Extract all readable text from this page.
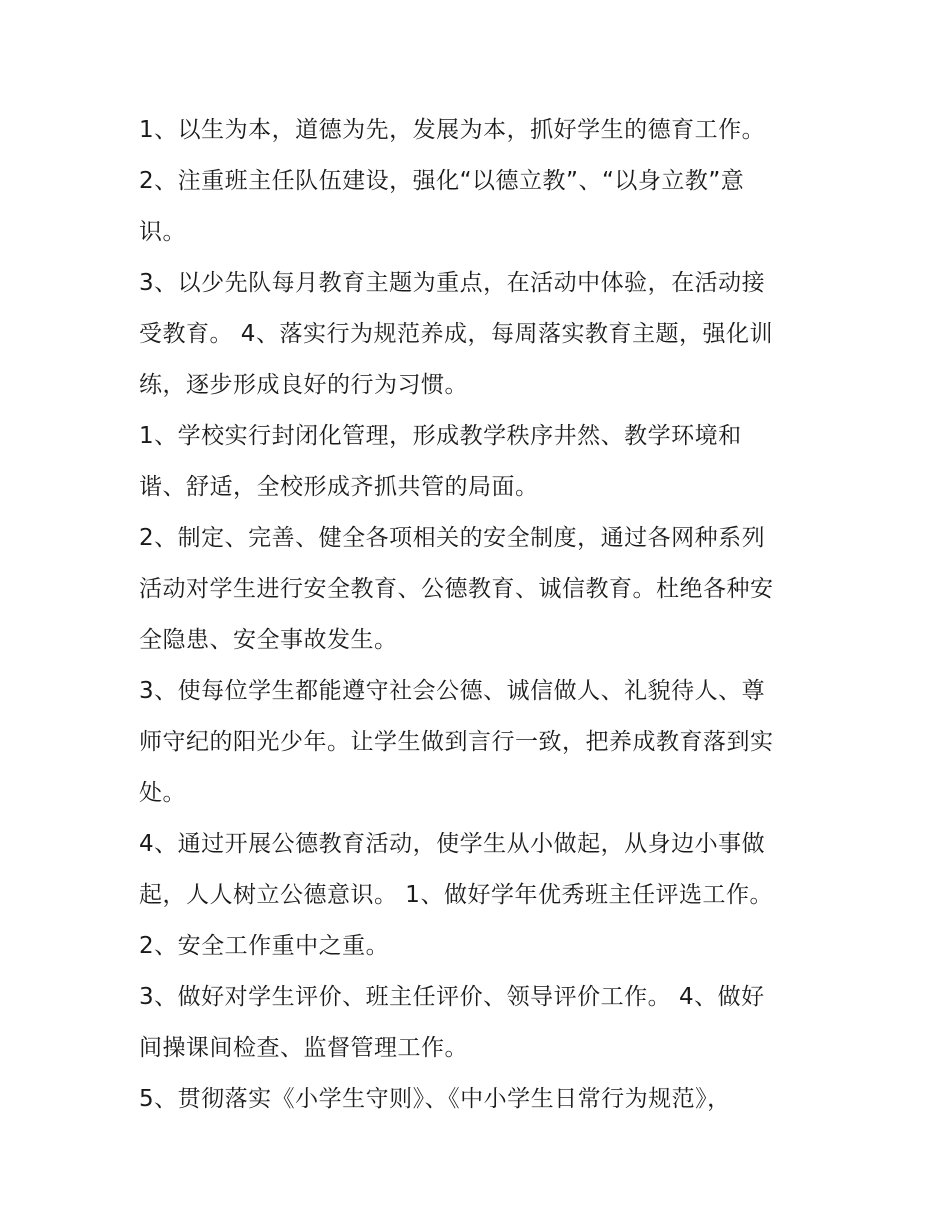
1、以生为本，道德为先，发展为本，抓好学生的德育工作。
2、注重班主任队伍建设，强化“以德立教”、“以身立教”意
识。
3、以少先队每月教育主题为重点，在活动中体验，在活动接
受教育。 4、落实行为规范养成，每周落实教育主题，强化训
练，逐步形成良好的行为习惯。
1、学校实行封闭化管理，形成教学秩序井然、教学环境和
谐、舒适，全校形成齐抓共管的局面。
2、制定、完善、健全各项相关的安全制度，通过各网种系列
活动对学生进行安全教育、公德教育、诚信教育。杜绝各种安
全隐患、安全事故发生。
3、使每位学生都能遵守社会公德、诚信做人、礼貌待人、尊
师守纪的阳光少年。让学生做到言行一致，把养成教育落到实
处。
4、通过开展公德教育活动，使学生从小做起，从身边小事做
起，人人树立公德意识。 1、做好学年优秀班主任评选工作。
2、安全工作重中之重。
3、做好对学生评价、班主任评价、领导评价工作。 4、做好
间操课间检查、监督管理工作。
5、贯彻落实《小学生守则》、《中小学生日常行为规范》，
